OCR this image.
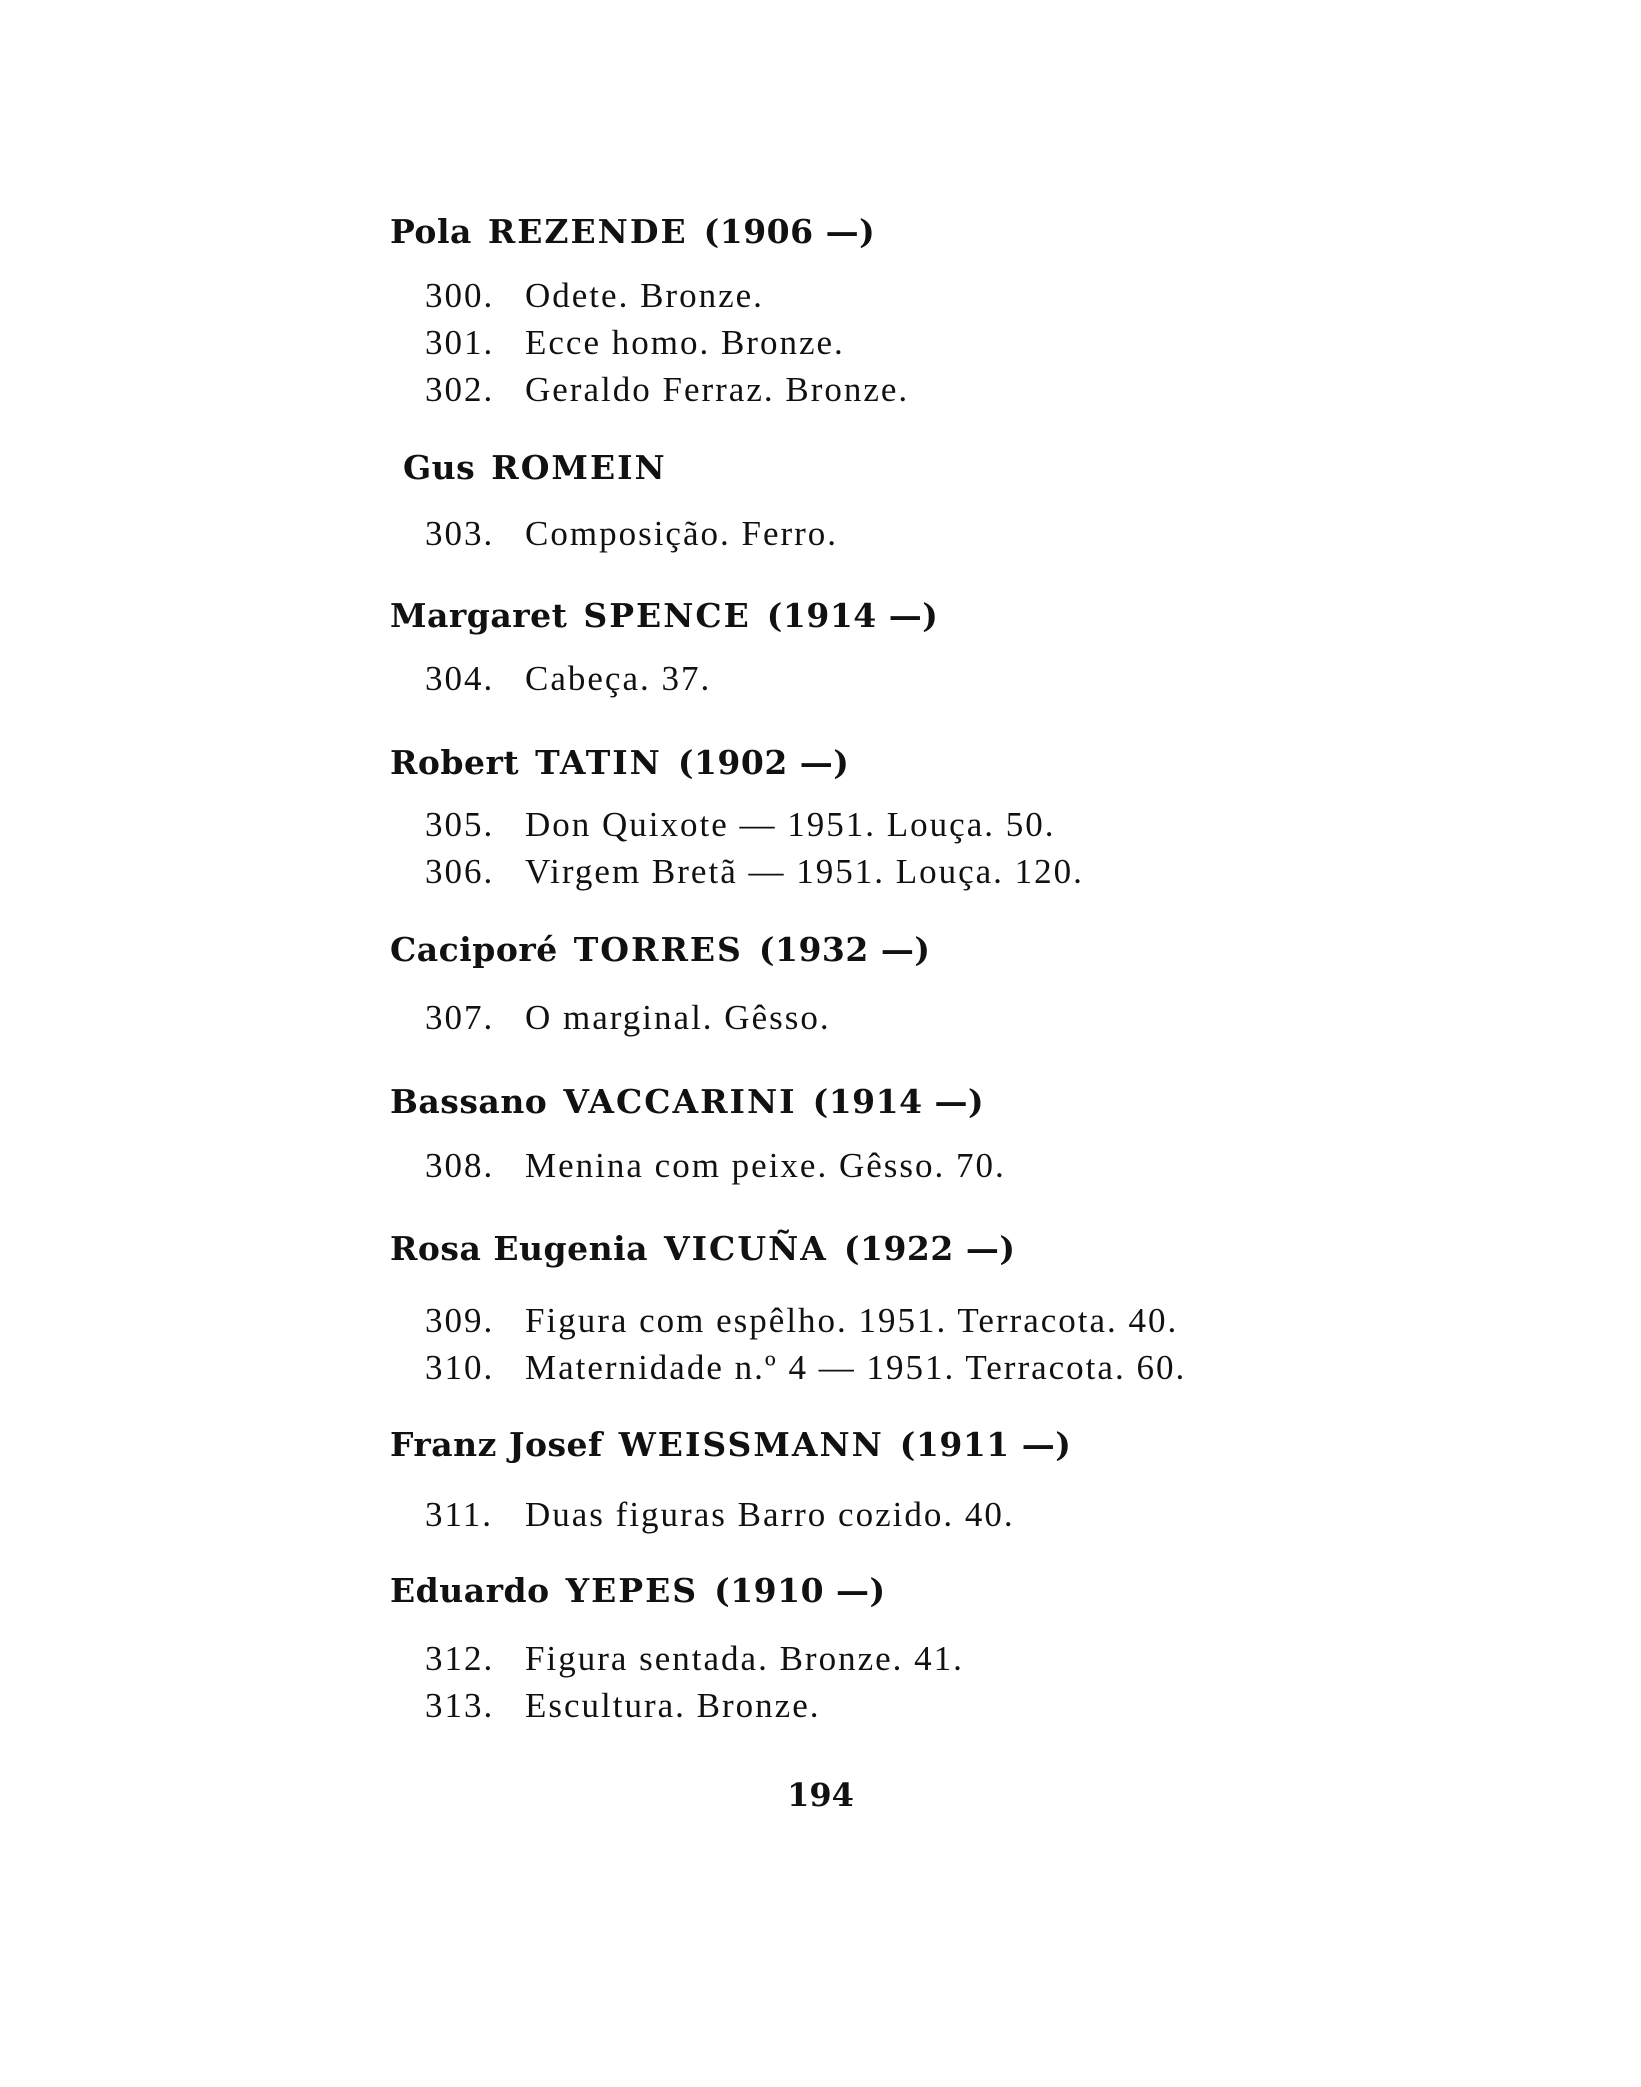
Pola REZENDE (1906 —)
300. Odete. Bronze.
301. Ecce homo. Bronze.
302. Geraldo Ferraz. Bronze.
Gus ROMEIN
303. Composição. Ferro.
Margaret SPENCE (1914 —)
304. Cabeça. 37.
Robert TATIN (1902 —)
305. Don Quixote — 1951. Louça. 50.
306. Virgem Bretã — 1951. Louça. 120.
Caciporé TORRES (1932 —)
307. O marginal. Gêsso.
Bassano VACCARINI (1914 —)
308. Menina com peixe. Gêsso. 70.
Rosa Eugenia VICUÑA (1922 —)
309. Figura com espêlho. 1951. Terracota. 40.
310. Maternidade n.º 4 — 1951. Terracota. 60.
Franz Josef WEISSMANN (1911 —)
311. Duas figuras Barro cozido. 40.
Eduardo YEPES (1910 —)
312. Figura sentada. Bronze. 41.
313. Escultura. Bronze.
194
